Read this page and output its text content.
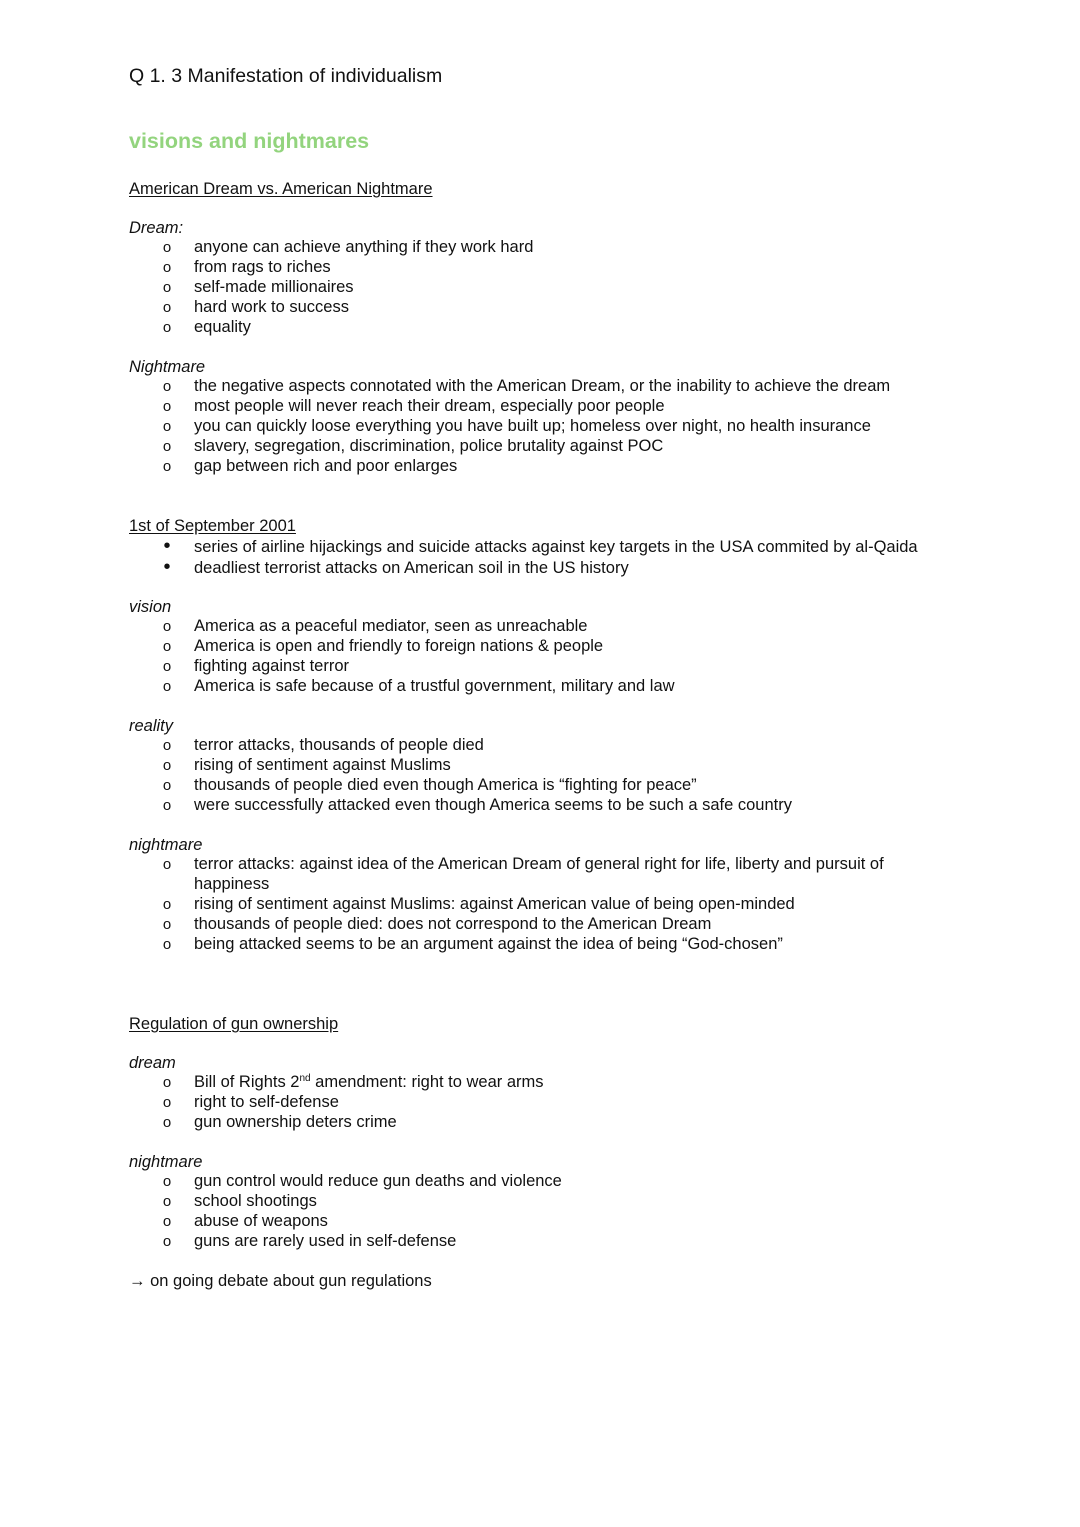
Q 1. 3 Manifestation of individualism
visions and nightmares
American Dream vs. American Nightmare
Dream:
o
anyone can achieve anything if they work hard
o
from rags to riches
o
self-made millionaires
o
hard work to success
o
equality
Nightmare
o
the negative aspects connotated with the American Dream, or the inability to achieve the dream
o
most people will never reach their dream, especially poor people
o
you can quickly loose everything you have built up; homeless over night, no health insurance
o
slavery, segregation, discrimination, police brutality against POC
o
gap between rich and poor enlarges
1st of September 2001
•
series of airline hijackings and suicide attacks against key targets in the USA commited by al-Qaida
•
deadliest terrorist attacks on American soil in the US history
vision
o
America as a peaceful mediator, seen as unreachable
o
America is open and friendly to foreign nations & people
o
fighting against terror
o
America is safe because of a trustful government, military and law
reality
o
terror attacks, thousands of people died
o
rising of sentiment against Muslims
o
thousands of people died even though America is “fighting for peace”
o
were successfully attacked even though America seems to be such a safe country
nightmare
o
terror attacks: against idea of the American Dream of general right for life, liberty and pursuit of happiness
o
rising of sentiment against Muslims: against American value of being open-minded
o
thousands of people died: does not correspond to the American Dream
o
being attacked seems to be an argument against the idea of being “God-chosen”
Regulation of gun ownership
dream
o
Bill of Rights 2nd amendment: right to wear arms
o
right to self-defense
o
gun ownership deters crime
nightmare
o
gun control would reduce gun deaths and violence
o
school shootings
o
abuse of weapons
o
guns are rarely used in self-defense
→ on going debate about gun regulations
